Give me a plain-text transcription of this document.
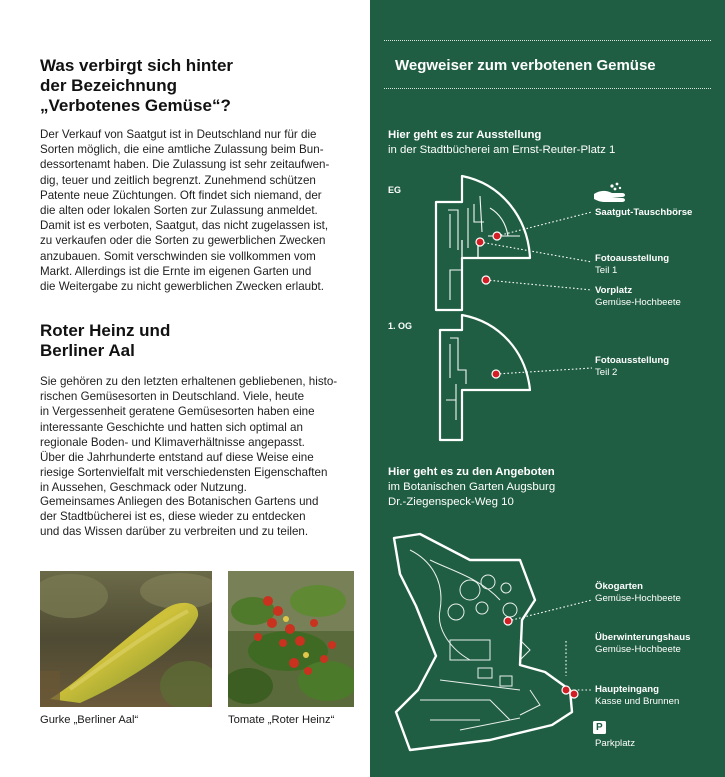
Was verbirgt sich hinter
der Bezeichnung
„Verbotenes Gemüse“?
Der Verkauf von Saatgut ist in Deutschland nur für die
Sorten möglich, die eine amtliche Zulassung beim Bun-
dessortenamt haben. Die Zulassung ist sehr zeitaufwen-
dig, teuer und zeitlich begrenzt. Zunehmend schützen
Patente neue Züchtungen. Oft findet sich niemand, der
die alten oder lokalen Sorten zur Zulassung anmeldet.
Damit ist es verboten, Saatgut, das nicht zugelassen ist,
zu verkaufen oder die Sorten zu gewerblichen Zwecken
anzubauen. Somit verschwinden sie vollkommen vom
Markt. Allerdings ist die Ernte im eigenen Garten und
die Weitergabe zu nicht gewerblichen Zwecken erlaubt.
Roter Heinz und
Berliner Aal
Sie gehören zu den letzten erhaltenen gebliebenen, histo-
rischen Gemüsesorten in Deutschland. Viele, heute
in Vergessenheit geratene Gemüsesorten haben eine
interessante Geschichte und hatten sich optimal an
regionale Boden- und Klimaverhältnisse angepasst.
Über die Jahrhunderte entstand auf diese Weise eine
riesige Sortenvielfalt mit verschiedensten Eigenschaften
in Aussehen, Geschmack oder Nutzung.
Gemeinsames Anliegen des Botanischen Gartens und
der Stadtbücherei ist es, diese wieder zu entdecken
und das Wissen darüber zu verbreiten und zu teilen.
Gurke „Berliner Aal“	Tomate „Roter Heinz“
Wegweiser zum verbotenen Gemüse
Hier geht es zur Ausstellung
in der Stadtbücherei am Ernst-Reuter-Platz 1
EG
1. OG
P
Saatgut-Tauschbörse
Fotoausstellung
Teil 1
Vorplatz
Gemüse-Hochbeete
Fotoausstellung
Teil 2
Hier geht es zu den Angeboten
im Botanischen Garten Augsburg
Dr.-Ziegenspeck-Weg 10
Ökogarten
Gemüse-Hochbeete
Überwinterungshaus
Gemüse-Hochbeete
Haupteingang
Kasse und Brunnen
Parkplatz
